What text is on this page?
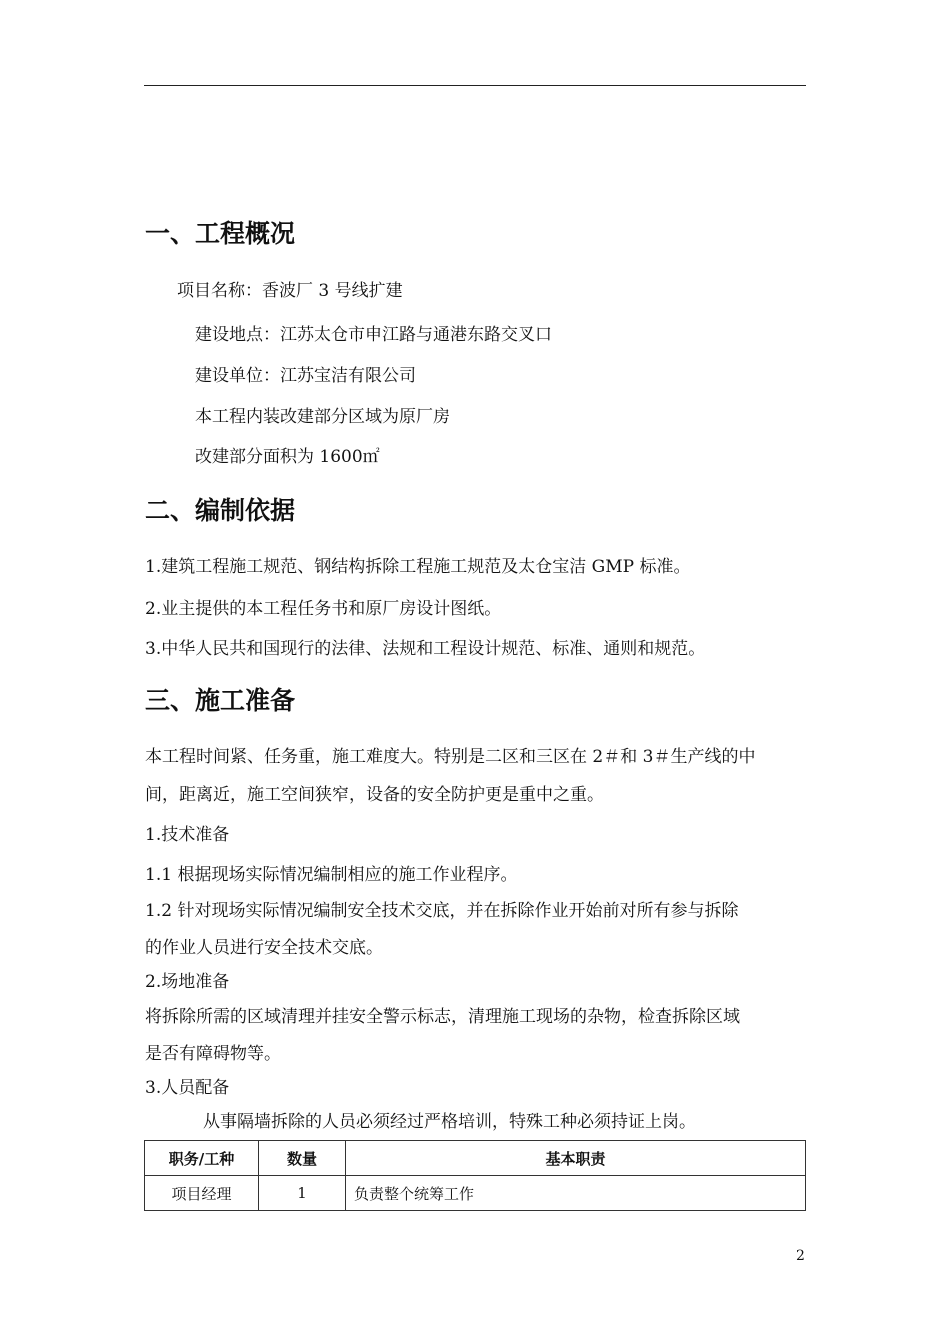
一、工程概况
项目名称：香波厂 3 号线扩建
建设地点：江苏太仓市申江路与通港东路交叉口
建设单位：江苏宝洁有限公司
本工程内装改建部分区域为原厂房
改建部分面积为 1600㎡
二、编制依据
1.建筑工程施工规范、钢结构拆除工程施工规范及太仓宝洁 GMP 标准。
2.业主提供的本工程任务书和原厂房设计图纸。
3.中华人民共和国现行的法律、法规和工程设计规范、标准、通则和规范。
三、施工准备
本工程时间紧、任务重，施工难度大。特别是二区和三区在 2＃和 3＃生产线的中
间，距离近，施工空间狭窄，设备的安全防护更是重中之重。
1.技术准备
1.1 根据现场实际情况编制相应的施工作业程序。
1.2 针对现场实际情况编制安全技术交底，并在拆除作业开始前对所有参与拆除
的作业人员进行安全技术交底。
2.场地准备
将拆除所需的区域清理并挂安全警示标志，清理施工现场的杂物，检查拆除区域
是否有障碍物等。
3.人员配备
从事隔墙拆除的人员必须经过严格培训，特殊工种必须持证上岗。
职务/工种	数量	基本职责
项目经理	1	负责整个统筹工作
2
